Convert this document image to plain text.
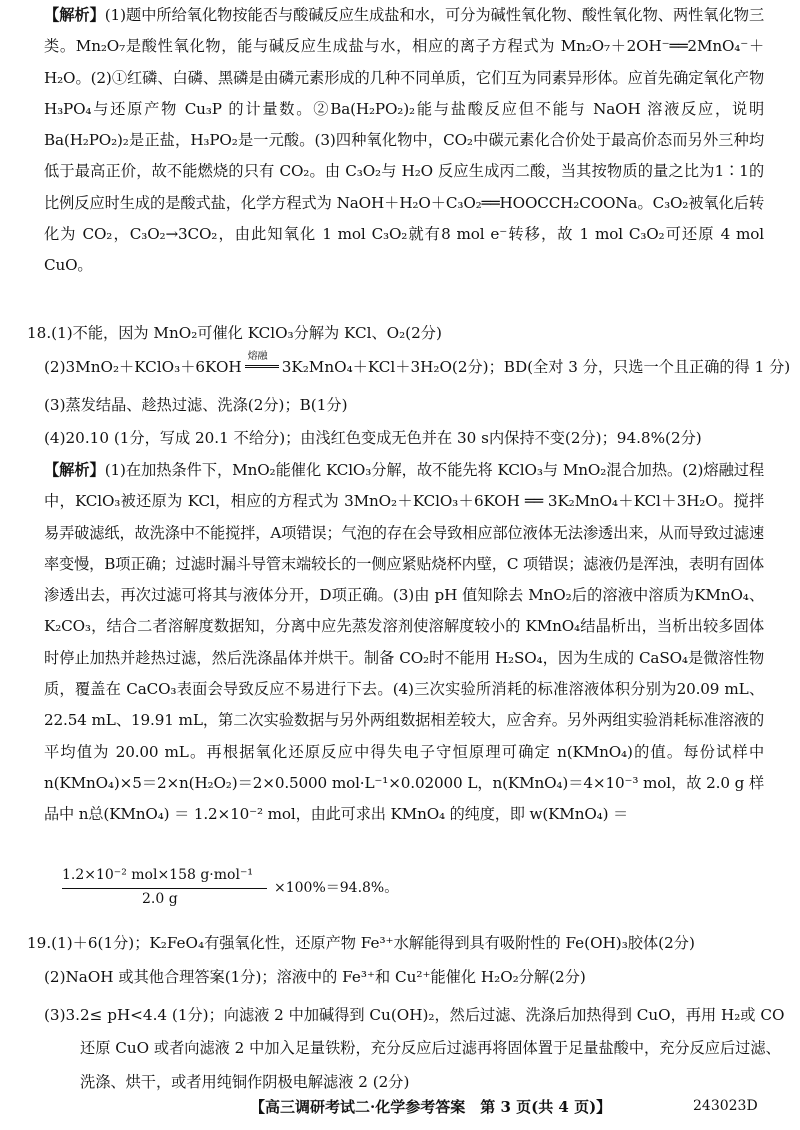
【解析】(1)题中所给氧化物按能否与酸碱反应生成盐和水，可分为碱性氧化物、酸性氧化物、两性氧化物三类。Mn₂O₇是酸性氧化物，能与碱反应生成盐与水，相应的离子方程式为 Mn₂O₇＋2OH⁻══2MnO₄⁻＋H₂O。(2)①红磷、白磷、黑磷是由磷元素形成的几种不同单质，它们互为同素异形体。应首先确定氧化产物H₃PO₄与还原产物 Cu₃P 的计量数。②Ba(H₂PO₂)₂能与盐酸反应但不能与 NaOH 溶液反应，说明Ba(H₂PO₂)₂是正盐，H₃PO₂是一元酸。(3)四种氧化物中，CO₂中碳元素化合价处于最高价态而另外三种均低于最高正价，故不能燃烧的只有 CO₂。由 C₃O₂与 H₂O 反应生成丙二酸，当其按物质的量之比为1∶1的比例反应时生成的是酸式盐，化学方程式为 NaOH＋H₂O＋C₃O₂══HOOCCH₂COONa。C₃O₂被氧化后转化为 CO₂，C₃O₂→3CO₂，由此知氧化 1 mol C₃O₂就有8 mol e⁻转移，故 1 mol C₃O₂可还原 4 mol CuO。

18.(1)不能，因为 MnO₂可催化 KClO₃分解为 KCl、O₂(2分)
(2)3MnO₂＋KClO₃＋6KOH
熔融
3K₂MnO₄＋KCl＋3H₂O(2分)；BD(全对 3 分，只选一个且正确的得 1 分)
(3)蒸发结晶、趁热过滤、洗涤(2分)；B(1分)
(4)20.10 (1分，写成 20.1 不给分)；由浅红色变成无色并在 30 s内保持不变(2分)；94.8%(2分)

【解析】(1)在加热条件下，MnO₂能催化 KClO₃分解，故不能先将 KClO₃与 MnO₂混合加热。(2)熔融过程中，KClO₃被还原为 KCl，相应的方程式为 3MnO₂＋KClO₃＋6KOH ══ 3K₂MnO₄＋KCl＋3H₂O。搅拌易弄破滤纸，故洗涤中不能搅拌，A项错误；气泡的存在会导致相应部位液体无法渗透出来，从而导致过滤速率变慢，B项正确；过滤时漏斗导管末端较长的一侧应紧贴烧杯内壁，C 项错误；滤液仍是浑浊，表明有固体渗透出去，再次过滤可将其与液体分开，D项正确。(3)由 pH 值知除去 MnO₂后的溶液中溶质为KMnO₄、K₂CO₃，结合二者溶解度数据知，分离中应先蒸发溶剂使溶解度较小的 KMnO₄结晶析出，当析出较多固体时停止加热并趁热过滤，然后洗涤晶体并烘干。制备 CO₂时不能用 H₂SO₄，因为生成的 CaSO₄是微溶性物质，覆盖在 CaCO₃表面会导致反应不易进行下去。(4)三次实验所消耗的标准溶液体积分别为20.09 mL、22.54 mL、19.91 mL，第二次实验数据与另外两组数据相差较大，应舍弃。另外两组实验消耗标准溶液的平均值为 20.00 mL。再根据氧化还原反应中得失电子守恒原理可确定 n(KMnO₄)的值。每份试样中 n(KMnO₄)×5＝2×n(H₂O₂)＝2×0.5000 mol·L⁻¹×0.02000 L，n(KMnO₄)＝4×10⁻³ mol，故 2.0 g 样品中 n总(KMnO₄) ＝ 1.2×10⁻² mol，由此可求出 KMnO₄ 的纯度，即 w(KMnO₄) ＝

1.2×10⁻² mol×158 g·mol⁻¹
2.0 g
×100%＝94.8%。
19.(1)＋6(1分)；K₂FeO₄有强氧化性，还原产物 Fe³⁺水解能得到具有吸附性的 Fe(OH)₃胶体(2分)
(2)NaOH 或其他合理答案(1分)；溶液中的 Fe³⁺和 Cu²⁺能催化 H₂O₂分解(2分)
(3)3.2≤ pH<4.4 (1分)；向滤液 2 中加碱得到 Cu(OH)₂，然后过滤、洗涤后加热得到 CuO，再用 H₂或 CO
还原 CuO 或者向滤液 2 中加入足量铁粉，充分反应后过滤再将固体置于足量盐酸中，充分反应后过滤、
洗涤、烘干，或者用纯铜作阴极电解滤液 2 (2分)
【高三调研考试二·化学参考答案　第 3 页(共 4 页)】	243023D
